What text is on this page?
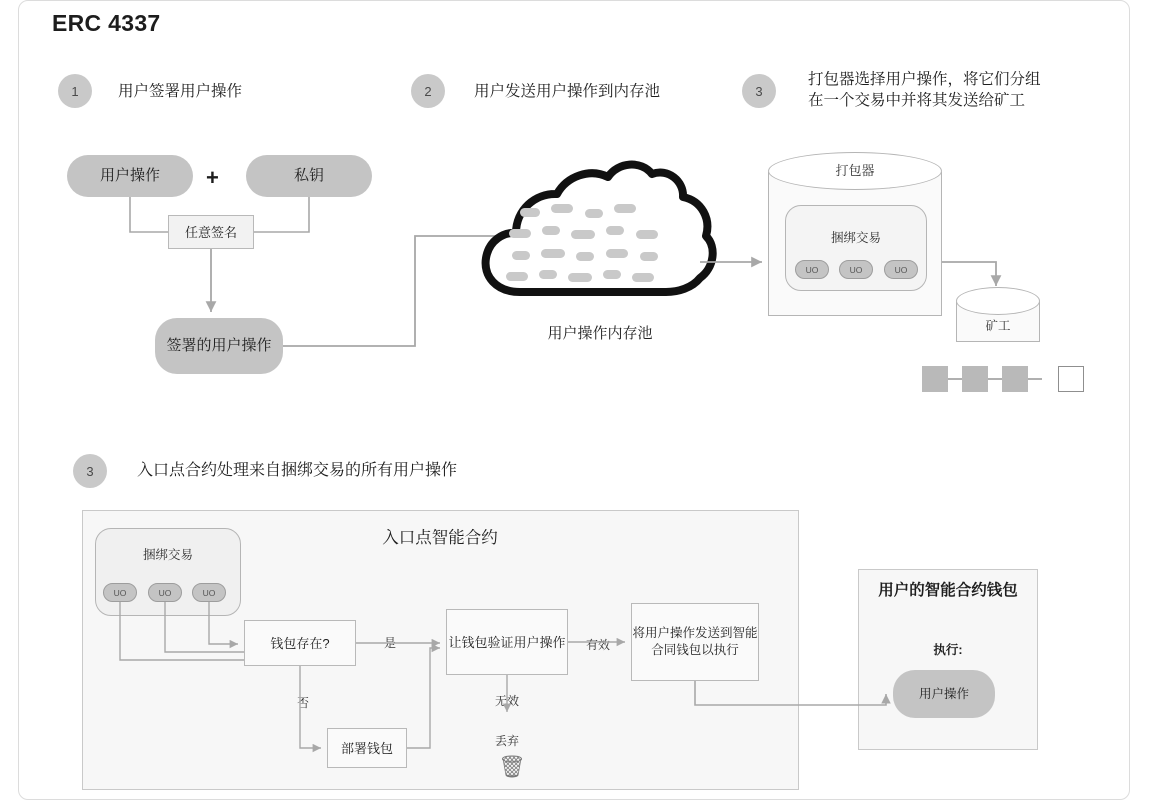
ERC 4337
1	用户签署用户操作	2	用户发送用户操作到内存池	3
打包器选择用户操作，将它们分组
在一个交易中并将其发送给矿工
用户操作	+	私钥
任意签名
签署的用户操作
用户操作内存池
打包器
捆绑交易
UO	UO	UO
矿工
3	入口点合约处理来自捆绑交易的所有用户操作
入口点智能合约
捆绑交易
UO	UO	UO
钱包存在?	是
否
部署钱包
让钱包验证用户操作	有效
无效
丢弃
🗑
将用户操作发送到智能合同钱包以执行
用户的智能合约钱包
执行:
用户操作
